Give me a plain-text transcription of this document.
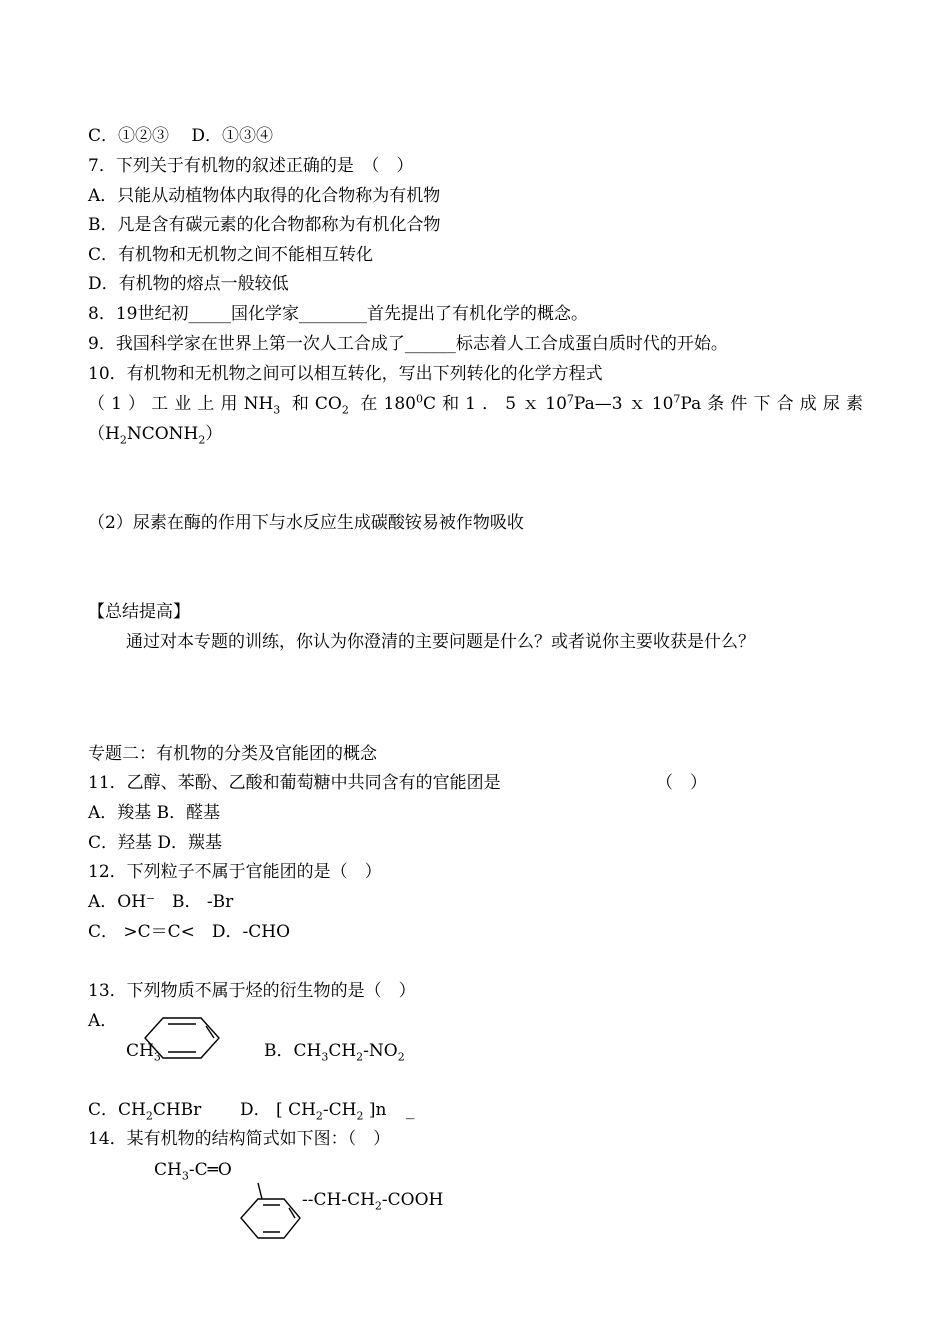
C．①②③　 D．①③④
7．下列关于有机物的叙述正确的是　（　）
A．只能从动植物体内取得的化合物称为有机物
B．凡是含有碳元素的化合物都称为有机化合物
C．有机物和无机物之间不能相互转化
D．有机物的熔点一般较低
8．19世纪初_____国化学家________首先提出了有机化学的概念。
9．我国科学家在世界上第一次人工合成了______标志着人工合成蛋白质时代的开始。
10．有机物和无机物之间可以相互转化，写出下列转化的化学方程式
（1）工业上用$NH_3$ 和$CO_2$ 在$180^0C$和1．$5x10^7Pa—3x10^7Pa$条件下合成尿素
$(H_2NCONH_2)$
（2）尿素在酶的作用下与水反应生成碳酸铵易被作物吸收
【总结提高】
通过对本专题的训练，你认为你澄清的主要问题是什么？或者说你主要收获是什么？
专题二：有机物的分类及官能团的概念
11．乙醇、苯酚、乙酸和葡萄糖中共同含有的官能团是	（　）
A．羧基 B．醛基
C．羟基 D．羰基
12．下列粒子不属于官能团的是（　）
A．OH⁻　B． -Br
C． >C＝C<　D．-CHO
13．下列物质不属于烃的衍生物的是（　）
A．
$CH_3$	B．$CH_3CH_2-NO_2$
C．$CH_2CHBr$ D． [ $CH_2-CH_2$ ]n _
14．某有机物的结构简式如下图：（　）
$CH_3-C═O$
$--CH-CH_2$-COOH
